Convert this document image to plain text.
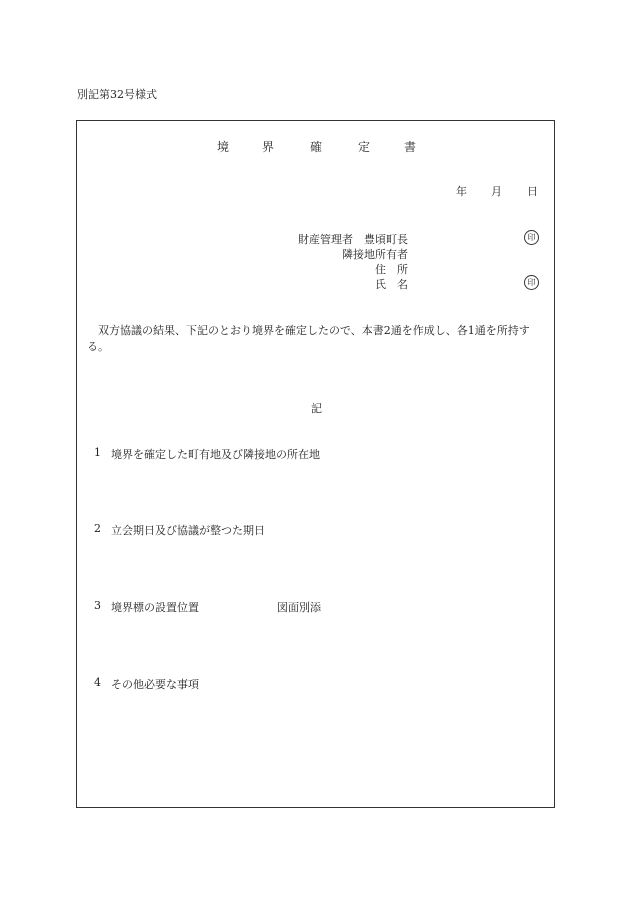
別記第32号様式
境	界	確	定	書
年 月 日
財産管理者　豊頃町長
隣接地所有者
住　所
氏　名
印
印
双方協議の結果、下記のとおり境界を確定したので、本書2通を作成し、各1通を所持する。
記
1 境界を確定した町有地及び隣接地の所在地
2 立会期日及び協議が整つた期日
3 境界標の設置位置	図面別添
4 その他必要な事項
